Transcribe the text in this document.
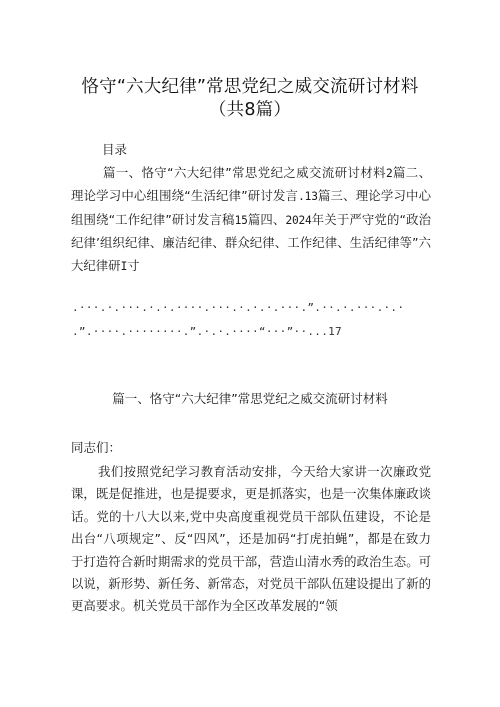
恪守“六大纪律”常思党纪之威交流研讨材料（共8篇）
目录
篇一、恪守“六大纪律”常思党纪之威交流研讨材料2篇二、理论学习中心组围绕“生活纪律”研讨发言.13篇三、理论学习中心组围绕“工作纪律”研讨发言稿15篇四、2024年关于严守党的“政治纪律’组织纪律、廉洁纪律、群众纪律、工作纪律、生活纪律等”六大纪律研I寸
.···.·.···.·.·.····.···.·.·.·.···.”.··.·.···.·.·
.”.····.········.”.·.·.····“···”··...17
篇一、恪守“六大纪律”常思党纪之威交流研讨材料
同志们：
我们按照党纪学习教育活动安排，今天给大家讲一次廉政党课，既是促推进，也是提要求，更是抓落实，也是一次集体廉政谈话。党的十八大以来,党中央高度重视党员干部队伍建设，不论是出台“八项规定”、反“四风”，还是加码“打虎拍蝇”，都是在致力于打造符合新时期需求的党员干部，营造山清水秀的政治生态。可以说，新形势、新任务、新常态，对党员干部队伍建设提出了新的更高要求。机关党员干部作为全区改革发展的“领
